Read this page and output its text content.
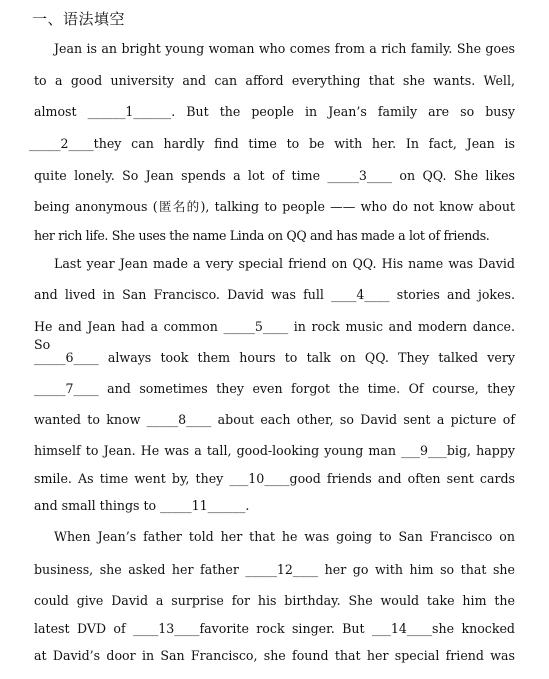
一、语法填空
Jean is an bright young woman who comes from a rich family. She goes
to a good university and can afford everything that she wants. Well,
almost ______1______. But the people in Jean’s family are so busy
_____2____they can hardly find time to be with her. In fact, Jean is
quite lonely. So Jean spends a lot of time _____3____ on QQ. She likes
being anonymous (匿名的), talking to people —— who do not know about
her rich life. She uses the name Linda on QQ and has made a lot of friends.
Last year Jean made a very special friend on QQ. His name was David
and lived in San Francisco. David was full ____4____ stories and jokes.
He and Jean had a common _____5____ in rock music and modern dance. So
_____6____ always took them hours to talk on QQ. They talked very
_____7____ and sometimes they even forgot the time. Of course, they
wanted to know _____8____ about each other, so David sent a picture of
himself to Jean. He was a tall, good-looking young man ___9___big, happy
smile. As time went by, they ___10____good friends and often sent cards
and small things to _____11______.
When Jean’s father told her that he was going to San Francisco on
business, she asked her father _____12____ her go with him so that she
could give David a surprise for his birthday. She would take him the
latest DVD of ____13____favorite rock singer. But ___14____she knocked
at David’s door in San Francisco, she found that her special friend was
